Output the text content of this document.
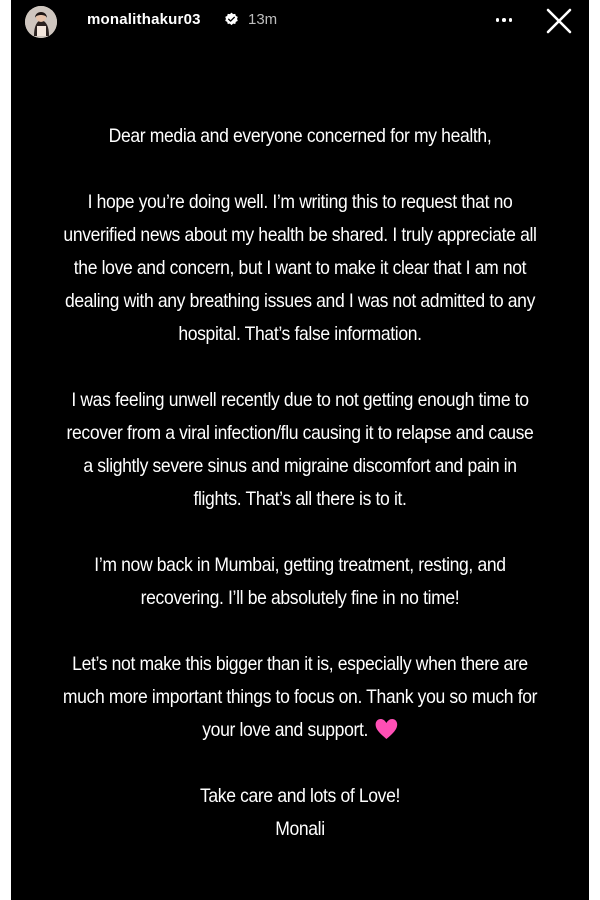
monalithakur03	13m

Dear media and everyone concerned for my health,

I hope you’re doing well. I’m writing this to request that no unverified news about my health be shared. I truly appreciate all the love and concern, but I want to make it clear that I am not dealing with any breathing issues and I was not admitted to any hospital. That’s false information.

I was feeling unwell recently due to not getting enough time to recover from a viral infection/flu causing it to relapse and cause a slightly severe sinus and migraine discomfort and pain in flights. That’s all there is to it.

I’m now back in Mumbai, getting treatment, resting, and recovering. I’ll be absolutely fine in no time!

Let’s not make this bigger than it is, especially when there are much more important things to focus on. Thank you so much for your love and support.

Take care and lots of Love!

Monali
